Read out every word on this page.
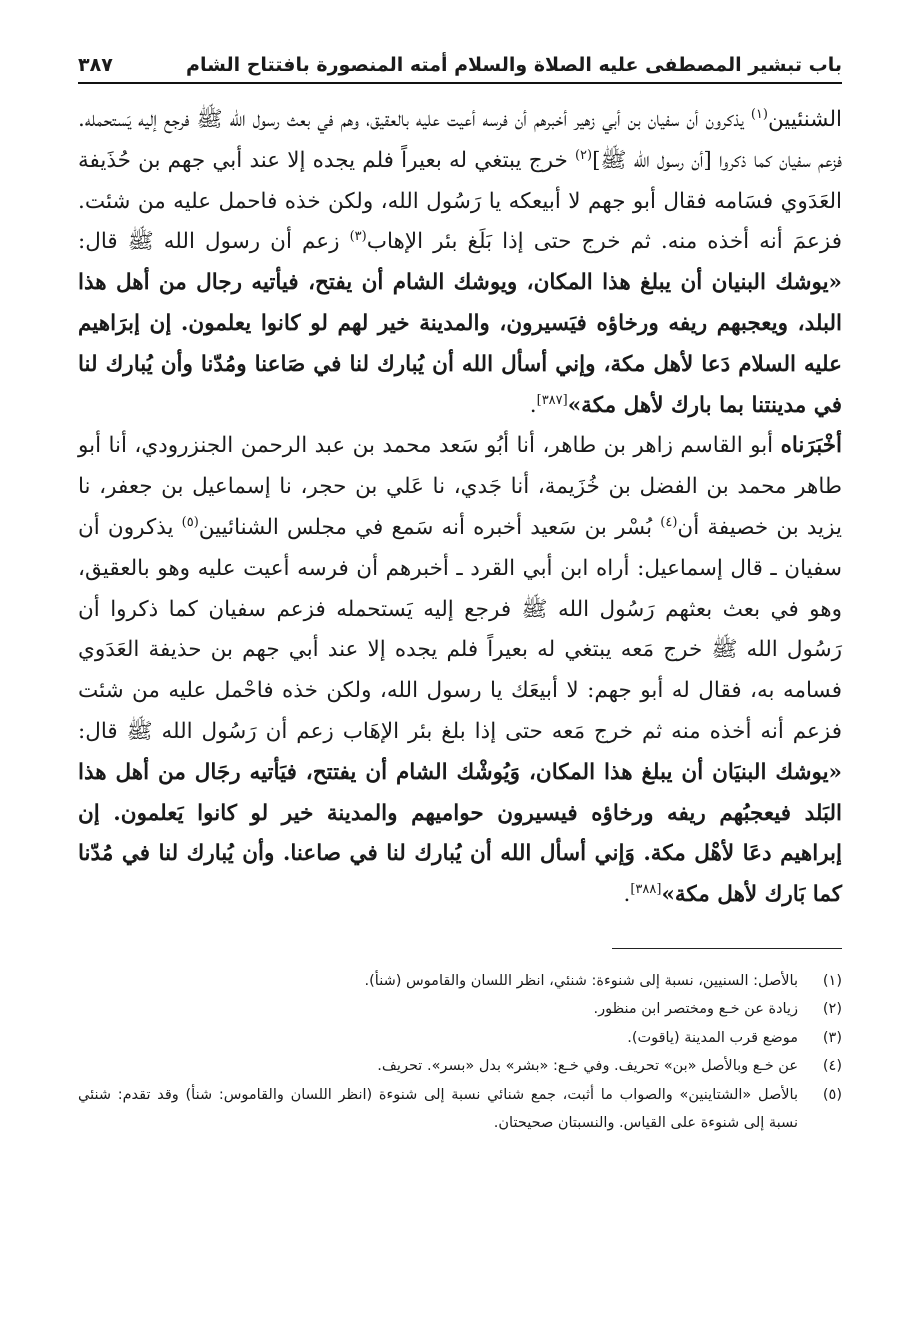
باب تبشير المصطفى عليه الصلاة والسلام أمته المنصورة بافتتاح الشام
٣٨٧

الشنئيين$^{(١)}$ يذكرون أن سفيان بن أبي زهير أخبرهم أن فرسه أعيت عليه بالعقيق، وهم في بعث رسول الله ﷺ فرجع إليه يَستحمله. فزعم سفيان كما ذكروا [أن رسول الله ﷺ]$^{(٢)}$ خرج يبتغي له بعيراً فلم يجده إلا عند أبي جهم بن حُذَيفة العَدَوي فسَامه فقال أبو جهم لا أبيعكه يا رَسُول الله، ولكن خذه فاحمل عليه من شئت. فزعمَ أنه أخذه منه. ثم خرج حتى إذا بَلَغ بئر الإهاب$^{(٣)}$ زعم أن رسول الله ﷺ قال: «يوشك البنيان أن يبلغ هذا المكان، ويوشك الشام أن يفتح، فيأتيه رجال من أهل هذا البلد، ويعجبهم ريفه ورخاؤه فيَسيرون، والمدينة خير لهم لو كانوا يعلمون. إن إبرَاهيم عليه السلام دَعا لأهل مكة، وإني أسأل الله أن يُبارك لنا في صَاعنا ومُدّنا وأن يُبارك لنا في مدينتنا بما بارك لأهل مكة»[٣٨٧].

أخْبَرَناه أبو القاسم زاهر بن طاهر، أنا أبُو سَعد محمد بن عبد الرحمن الجنزرودي، أنا أبو طاهر محمد بن الفضل بن خُزَيمة، أنا جَدي، نا عَلي بن حجر، نا إسماعيل بن جعفر، نا يزيد بن خصيفة أن$^{(٤)}$ بُسْر بن سَعيد أخبره أنه سَمع في مجلس الشنائيين$^{(٥)}$ يذكرون أن سفيان ـ قال إسماعيل: أراه ابن أبي القرد ـ أخبرهم أن فرسه أعيت عليه وهو بالعقيق، وهو في بعث بعثهم رَسُول الله ﷺ فرجع إليه يَستحمله فزعم سفيان كما ذكروا أن رَسُول الله ﷺ خرج مَعه يبتغي له بعيراً فلم يجده إلا عند أبي جهم بن حذيفة العَدَوي فسامه به، فقال له أبو جهم: لا أبيعَك يا رسول الله، ولكن خذه فاحْمل عليه من شئت فزعم أنه أخذه منه ثم خرج مَعه حتى إذا بلغ بئر الإهَاب زعم أن رَسُول الله ﷺ قال: «يوشك البنيَان أن يبلغ هذا المكان، وَيُوشْك الشام أن يفتتح، فيَأتيه رجَال من أهل هذا البَلد فيعجبُهم ريفه ورخاؤه فيسيرون حواميهم والمدينة خير لو كانوا يَعلمون. إن إبراهيم دعَا لأهْل مكة. وَإني أسأل الله أن يُبارك لنا في صاعنا. وأن يُبارك لنا في مُدّنا كما بَارك لأهل مكة»[٣٨٨].

(١)
بالأصل: السنيين، نسبة إلى شنوءة: شنئي، انظر اللسان والقاموس (شنأ).
(٢)
زيادة عن خـع ومختصر ابن منظور.
(٣)
موضع قرب المدينة (ياقوت).
(٤)
عن خـع وبالأصل «بن» تحريف. وفي خـع: «بشر» بدل «بسر». تحريف.
(٥)
بالأصل «الشتاينين» والصواب ما أثبت، جمع شنائي نسبة إلى شنوءة (انظر اللسان والقاموس: شنأ) وقد تقدم: شنئي نسبة إلى شنوءة على القياس. والنسبتان صحيحتان.
